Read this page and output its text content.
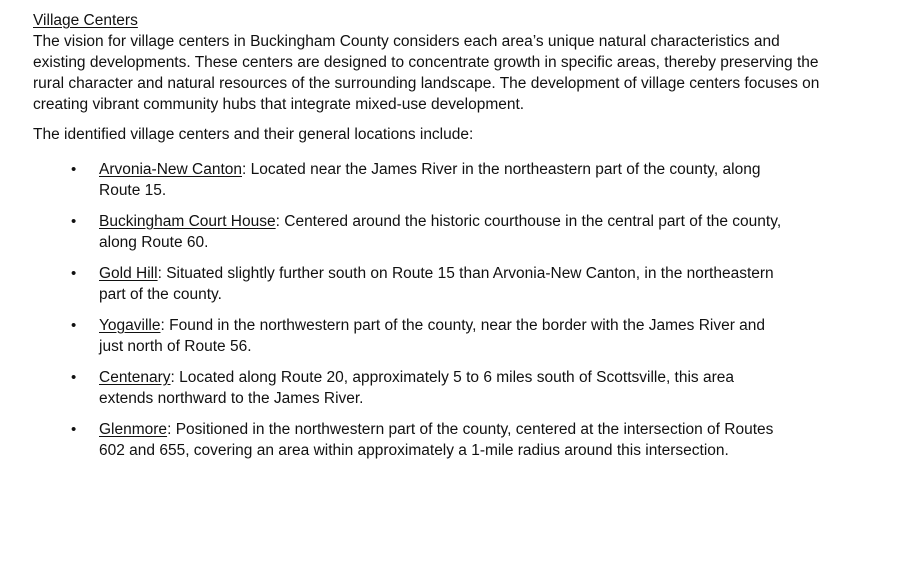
Village Centers

The vision for village centers in Buckingham County considers each area’s unique natural characteristics and existing developments. These centers are designed to concentrate growth in specific areas, thereby preserving the rural character and natural resources of the surrounding landscape. The development of village centers focuses on creating vibrant community hubs that integrate mixed-use development.

The identified village centers and their general locations include:

• Arvonia-New Canton: Located near the James River in the northeastern part of the county, along Route 15.
• Buckingham Court House: Centered around the historic courthouse in the central part of the county, along Route 60.
• Gold Hill: Situated slightly further south on Route 15 than Arvonia-New Canton, in the northeastern part of the county.
• Yogaville: Found in the northwestern part of the county, near the border with the James River and just north of Route 56.
• Centenary: Located along Route 20, approximately 5 to 6 miles south of Scottsville, this area extends northward to the James River.
• Glenmore: Positioned in the northwestern part of the county, centered at the intersection of Routes 602 and 655, covering an area within approximately a 1-mile radius around this intersection.
